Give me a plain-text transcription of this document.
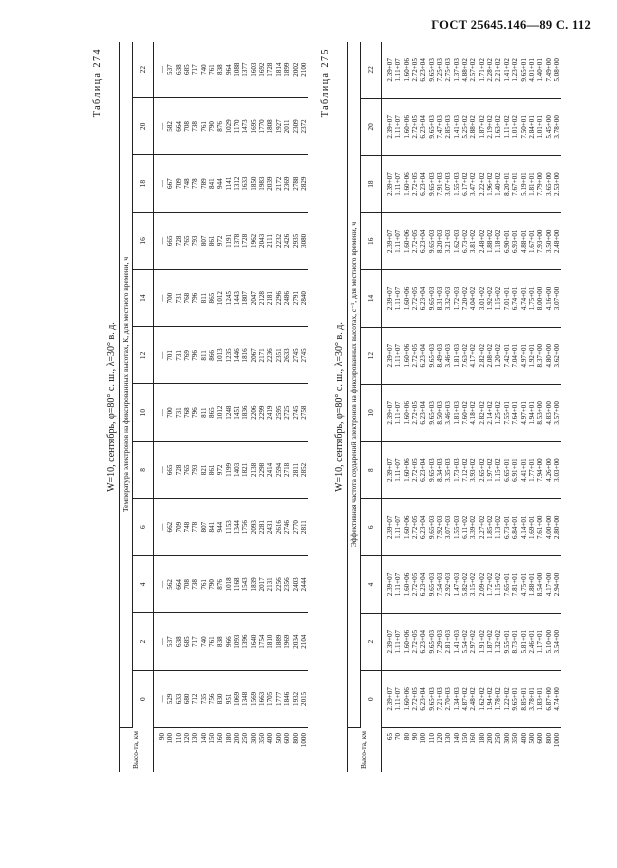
ГОСТ 25645.146—89 С. 112
Таблица 274
W=10, сентябрь, φ=80° с. ш., λ=30° в. д.
Высо-та, км	Температура электронов на фиксированных высотах, К, для местного времени, ч											
	0	2	4	6	8	10	12	14	16	18	20	22
90	—	—	—	—	—	—	—	—	—	—	—	—
100	529	537	562	662	665	700	701	700	665	667	582	537
110	633	638	664	709	728	731	731	731	728	709	664	638
120	680	685	708	748	765	768	769	768	765	748	708	685
130	712	717	738	778	793	796	796	796	793	778	738	717
140	735	740	761	807	821	811	811	811	807	789	761	740
150	756	761	790	841	861	865	866	865	861	841	790	761
160	830	838	876	944	972	1012	1013	1012	972	944	876	838
180	951	966	1018	1153	1199	1248	1235	1245	1191	1141	1029	964
200	1069	1093	1168	1344	1403	1451	1446	1443	1378	1312	1170	1088
250	1348	1396	1543	1756	1821	1836	1816	1807	1728	1633	1473	1377
300	1569	1640	1839	2093	2138	2206	2067	2047	1962	1850	1695	1603
350	1663	1754	2017	2281	2298	2299	2171	2128	2043	1983	1770	1692
400	1705	1810	2131	2431	2414	2419	2236	2181	2111	2039	1808	1728
500	1777	1889	2256	2616	2594	2595	2351	2296	2232	2172	1927	1814
600	1846	1969	2356	2746	2718	2725	2633	2486	2426	2369	2011	1899
800	1932	2034	2403	2770	2811	2745	2745	2791	2935	2788	2309	2002
1000	2015	2104	2444	2811	2852	2758	2745	2840	3080	2829	2372	2100 Таблица 275
W=10, сентябрь, φ=80° с. ш., λ=30° в. д.
Высо-та, км	Эффективная частота соударений электронов на фиксированных высотах, с⁻¹, для местного времени, ч											
	0	2	4	6	8	10	12	14	16	18	20	22
65	2.39+07	2.39+07	2.39+07	2.39+07	2.39+07	2.39+07	2.39+07	2.39+07	2.39+07	2.39+07	2.39+07	2.39+07
70	1.11+07	1.11+07	1.11+07	1.11+07	1.11+07	1.11+07	1.11+07	1.11+07	1.11+07	1.11+07	1.11+07	1.11+07
80	1.60+06	1.60+06	1.60+06	1.60+06	1.60+06	1.60+06	1.60+06	1.60+06	1.60+06	1.60+06	1.60+06	1.60+06
90	2.72+05	2.72+05	2.72+05	2.72+05	2.72+05	2.72+05	2.72+05	2.72+05	2.72+05	2.72+05	2.72+05	2.72+05
100	6.23+04	6.23+04	6.23+04	6.23+04	6.23+04	6.23+04	6.23+04	6.23+04	6.23+04	6.23+04	6.23+04	6.23+04
110	9.65+03	9.65+03	9.65+03	9.65+03	9.65+03	9.65+03	9.65+03	9.65+03	9.65+03	9.65+03	9.65+03	9.65+03
120	7.21+03	7.29+03	7.54+03	7.92+03	8.34+03	8.50+03	8.49+03	8.31+03	8.20+03	7.91+03	7.47+03	7.25+03
130	2.70+03	2.81+03	2.92+03	3.07+03	3.35+03	3.46+03	3.46+03	3.32+03	3.21+03	3.07+03	2.85+03	2.75+03
140	1.34+03	1.41+03	1.47+03	1.55+03	1.73+03	1.81+03	1.81+03	1.72+03	1.62+03	1.55+03	1.41+03	1.37+03
150	4.87+02	5.54+02	5.82+02	6.11+02	7.12+02	7.60+02	7.63+02	7.20+02	6.73+02	6.17+02	5.25+02	4.88+02
160	2.48+02	2.97+02	3.15+02	3.39+02	3.93+02	4.18+02	4.17+02	4.04+02	3.81+02	3.47+02	2.88+02	2.57+02
180	1.62+02	1.91+02	2.09+02	2.27+02	2.65+02	2.82+02	2.82+02	3.01+02	2.48+02	2.22+02	1.87+02	1.71+02
200	1.94+02	1.87+02	1.72+02	1.85+02	1.97+02	2.14+02	2.08+02	1.92+02	1.88+02	1.96+02	2.19+02	2.28+02
250	1.78+02	1.32+02	1.15+02	1.13+02	1.15+02	1.25+02	1.20+02	1.15+02	1.18+02	1.40+02	1.63+02	2.21+02
300	1.22+02	9.55+01	7.65+01	6.73+01	6.65+01	7.55+01	7.42+01	7.01+01	6.90+01	8.20+01	1.11+02	1.41+02
350	9.65+01	8.73+01	7.81+01	6.84+01	6.91+01	7.64+01	7.04+01	6.74+01	6.93+01	7.67+01	1.01+02	1.23+02
400	8.85+01	5.81+01	4.75+01	4.14+01	4.41+01	4.97+01	4.97+01	4.74+01	4.88+01	5.19+01	7.50+01	9.65+01
500	3.78+01	2.46+01	1.88+01	1.69+01	1.77+01	1.94+01	1.92+01	1.75+01	1.67+01	1.81+01	2.84+01	4.01+01
600	1.83+01	1.17+01	8.54+00	7.61+00	7.94+00	8.53+00	8.37+00	8.00+00	7.93+00	7.79+00	1.01+01	1.40+01
800	6.87+00	5.10+00	4.17+00	4.00+00	4.26+00	4.83+00	4.80+00	4.16+00	3.50+00	3.65+00	5.45+00	7.49+00
1000	4.74+00	3.54+00	2.94+00	2.80+00	3.03+00	3.57+00	3.62+00	3.07+00	2.48+00	2.53+00	3.78+00	5.08+00
